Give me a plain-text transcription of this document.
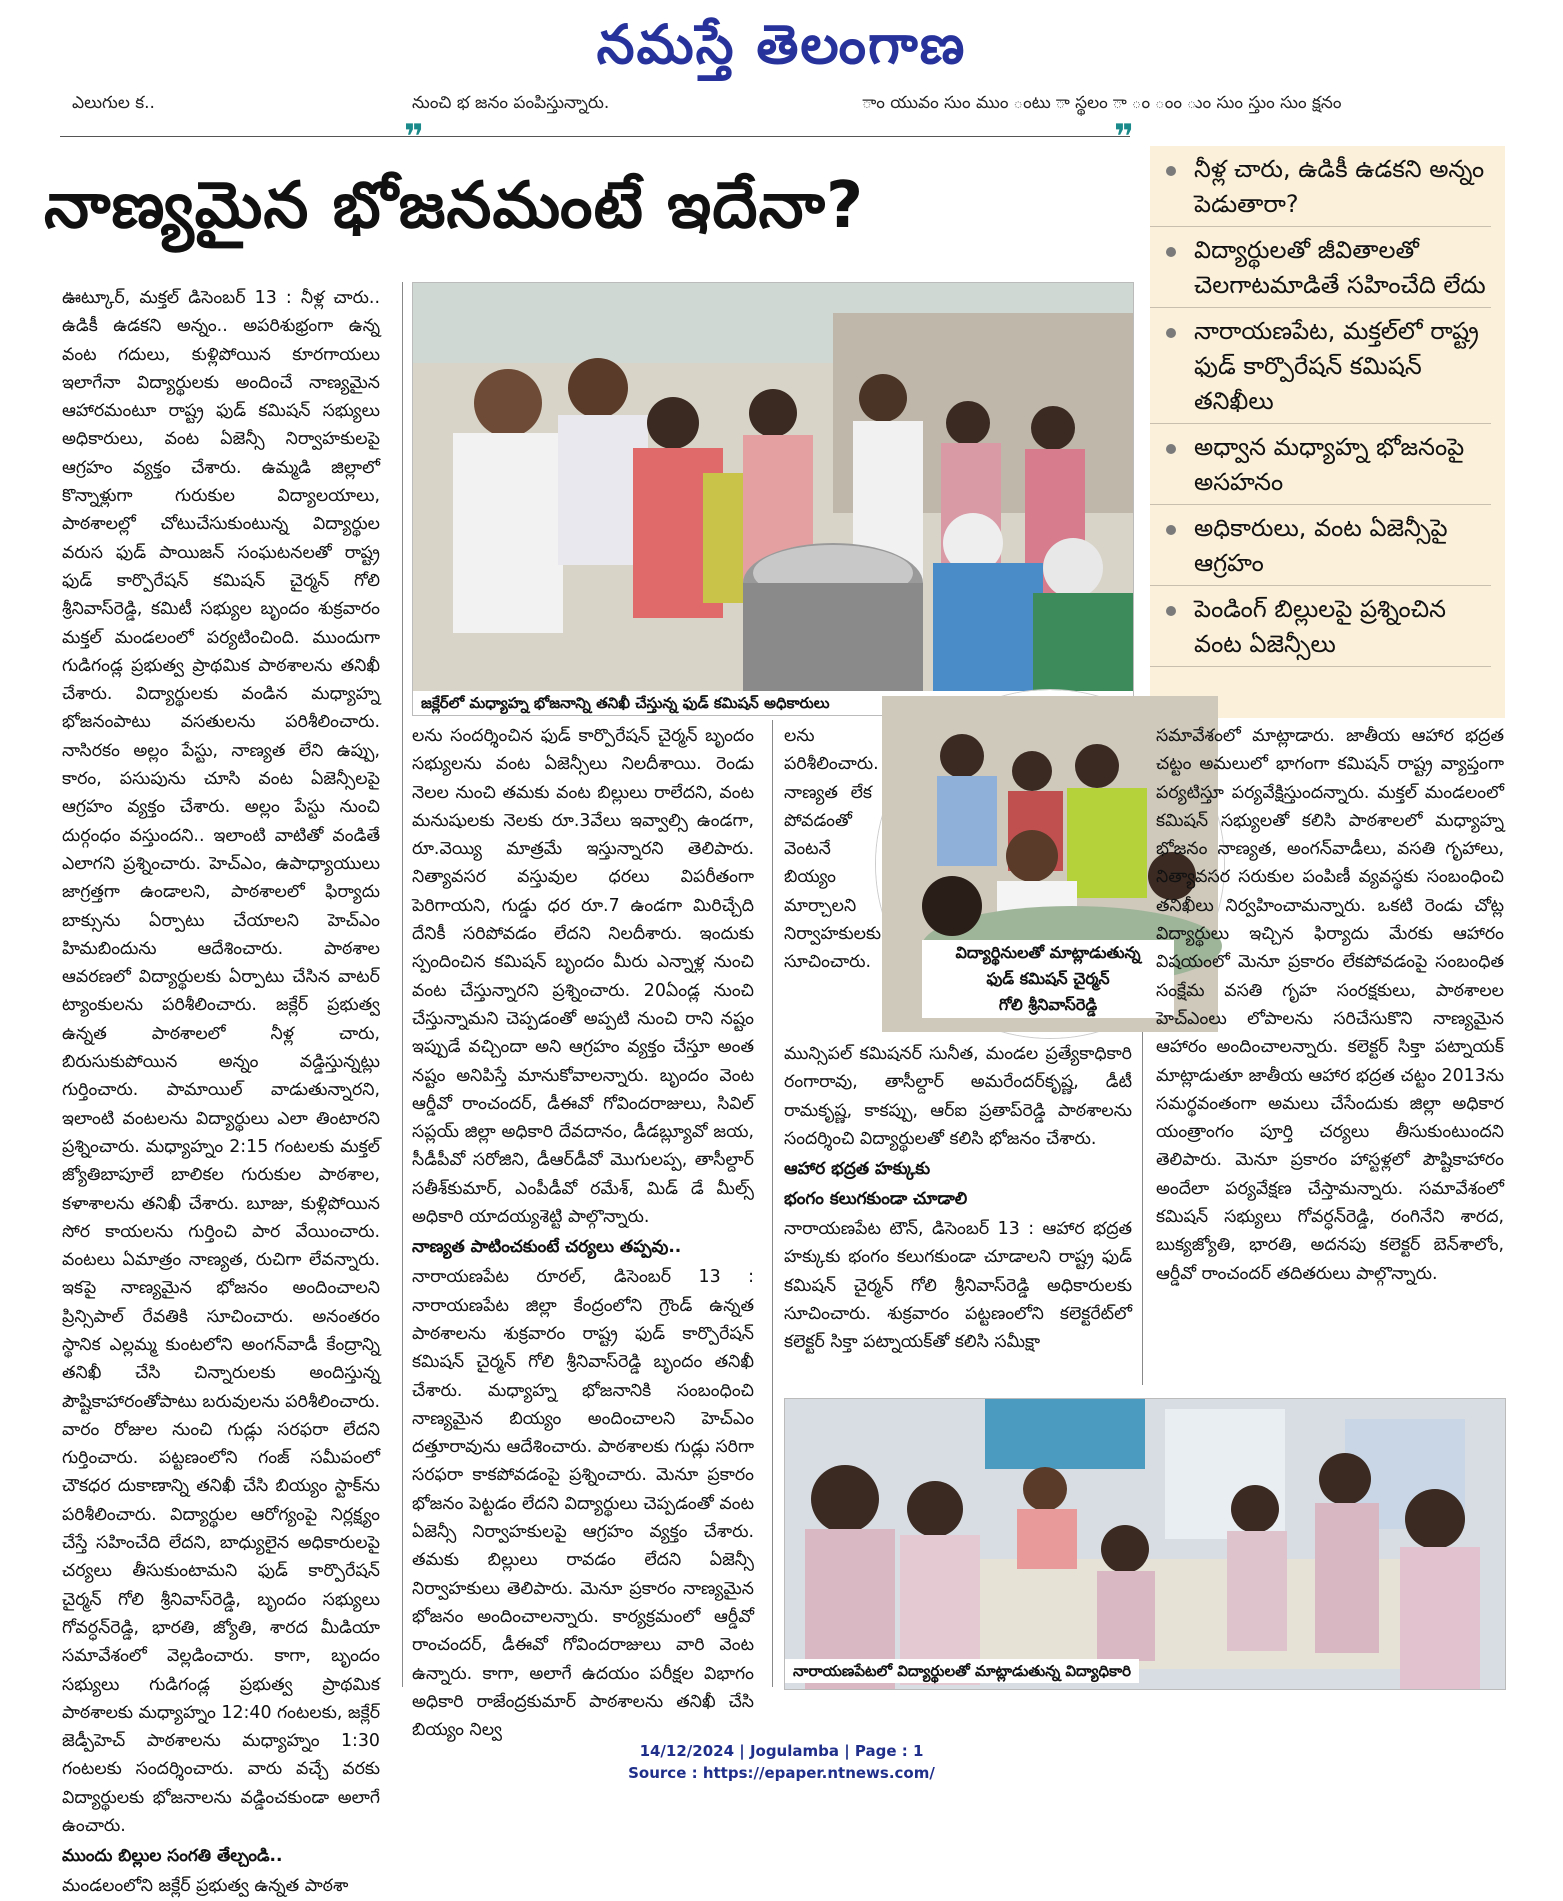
నమస్తే తెలంగాణ
ఎలుగుల క..	నుంచి భ జనం పంపిస్తున్నారు.	ాం యువం సుం ముం ంటు ా స్థలం ా ం ంం ుం సుం స్తుం సుం క్షనం
❞	❞
నాణ్యమైన భోజనమంటే ఇదేనా?	నీళ్ల చారు, ఉడికీ ఉడకని అన్నం పెడుతారా?
విద్యార్థులతో జీవితాలతో చెలగాటమాడితే సహించేది లేదు
నారాయణపేట, మక్తల్‌లో రాష్ట్ర ఫుడ్‌ కార్పొరేషన్‌ కమిషన్‌ తనిఖీలు
అధ్వాన మధ్యాహ్న భోజనంపై అసహనం
అధికారులు, వంట ఏజెన్సీపై ఆగ్రహం
పెండింగ్‌ బిల్లులపై ప్రశ్నించిన వంట ఏజెన్సీలు
జక్లేర్‌లో మధ్యాహ్న భోజనాన్ని తనిఖీ చేస్తున్న ఫుడ్‌ కమిషన్‌ అధికారులు

ఊట్కూర్‌, మక్తల్‌ డిసెంబర్‌ 13 : నీళ్ల చారు.. ఉడికీ ఉడకని అన్నం.. అపరిశుభ్రంగా ఉన్న వంట గదులు, కుళ్లిపోయిన కూరగాయలు ఇలాగేనా విద్యార్థులకు అందించే నాణ్యమైన ఆహారమంటూ రాష్ట్ర ఫుడ్‌ కమిషన్‌ సభ్యులు అధికారులు, వంట ఏజెన్సీ నిర్వాహకులపై ఆగ్రహం వ్యక్తం చేశారు. ఉమ్మడి జిల్లాలో కొన్నాళ్లుగా గురుకుల విద్యాలయాలు, పాఠశాలల్లో చోటుచేసుకుంటున్న విద్యార్థుల వరుస ఫుడ్‌ పాయిజన్‌ సంఘటనలతో రాష్ట్ర ఫుడ్‌ కార్పొరేషన్‌ కమిషన్‌ చైర్మన్‌ గోలి శ్రీనివాస్‌రెడ్డి, కమిటీ సభ్యుల బృందం శుక్రవారం మక్తల్‌ మండలంలో పర్యటించింది. ముందుగా గుడిగండ్ల ప్రభుత్వ ప్రాథమిక పాఠశాలను తనిఖీ చేశారు. విద్యార్థులకు వండిన మధ్యాహ్న భోజనంపాటు వసతులను పరిశీలించారు. నాసిరకం అల్లం పేస్టు, నాణ్యత లేని ఉప్పు, కారం, పసుపును చూసి వంట ఏజెన్సీలపై ఆగ్రహం వ్యక్తం చేశారు. అల్లం పేస్టు నుంచి దుర్గంధం వస్తుందని.. ఇలాంటి వాటితో వండితే ఎలాగని ప్రశ్నించారు. హెచ్‌ఎం, ఉపాధ్యాయులు జాగ్రత్తగా ఉండాలని, పాఠశాలలో ఫిర్యాదు బాక్సును ఏర్పాటు చేయాలని హెచ్‌ఎం హిమబిందును ఆదేశించారు. పాఠశాల ఆవరణలో విద్యార్థులకు ఏర్పాటు చేసిన వాటర్‌ ట్యాంకులను పరిశీలించారు. జక్లేర్‌ ప్రభుత్వ ఉన్నత పాఠశాలలో నీళ్ల చారు, బిరుసుకుపోయిన అన్నం వడ్డిస్తున్నట్లు గుర్తించారు. పామాయిల్‌ వాడుతున్నారని, ఇలాంటి వంటలను విద్యార్థులు ఎలా తింటారని ప్రశ్నించారు. మధ్యాహ్నం 2:15 గంటలకు మక్తల్‌ జ్యోతిబాపూలే బాలికల గురుకుల పాఠశాల, కళాశాలను తనిఖీ చేశారు. బూజు, కుళ్లిపోయిన సోర కాయలను గుర్తించి పార వేయించారు. వంటలు ఏమాత్రం నాణ్యత, రుచిగా లేవన్నారు. ఇకపై నాణ్యమైన భోజనం అందించాలని ప్రిన్సిపాల్‌ రేవతికి సూచించారు. అనంతరం స్థానిక ఎల్లమ్మ కుంటలోని అంగన్‌వాడీ కేంద్రాన్ని తనిఖీ చేసి చిన్నారులకు అందిస్తున్న పౌష్టికాహారంతోపాటు బరువులను పరిశీలించారు. వారం రోజుల నుంచి గుడ్లు సరఫరా లేదని గుర్తించారు. పట్టణంలోని గంజ్‌ సమీపంలో చౌకధర దుకాణాన్ని తనిఖీ చేసి బియ్యం స్టాక్‌ను పరిశీలించారు. విద్యార్థుల ఆరోగ్యంపై నిర్లక్ష్యం చేస్తే సహించేది లేదని, బాధ్యులైన అధికారులపై చర్యలు తీసుకుంటామని ఫుడ్‌ కార్పొరేషన్‌ చైర్మన్‌ గోలి శ్రీనివాస్‌రెడ్డి, బృందం సభ్యులు గోవర్ధన్‌రెడ్డి, భారతి, జ్యోతి, శారద మీడియా సమావేశంలో వెల్లడించారు. కాగా, బృందం సభ్యులు గుడిగండ్ల ప్రభుత్వ ప్రాథమిక పాఠశాలకు మధ్యాహ్నం 12:40 గంటలకు, జక్లేర్‌ జెడ్పీహెచ్‌ పాఠశాలను మధ్యాహ్నం 1:30 గంటలకు సందర్శించారు. వారు వచ్చే వరకు విద్యార్థులకు భోజనాలను వడ్డించకుండా అలాగే ఉంచారు.

ముందు బిల్లుల సంగతి తేల్చండి..

మండలంలోని జక్లేర్‌ ప్రభుత్వ ఉన్నత పాఠశా

లను సందర్శించిన ఫుడ్‌ కార్పొరేషన్‌ చైర్మన్‌ బృందం సభ్యులను వంట ఏజెన్సీలు నిలదీశాయి. రెండు నెలల నుంచి తమకు వంట బిల్లులు రాలేదని, వంట మనుషులకు నెలకు రూ.3వేలు ఇవ్వాల్సి ఉండగా, రూ.వెయ్యి మాత్రమే ఇస్తున్నారని తెలిపారు. నిత్యావసర వస్తువుల ధరలు విపరీతంగా పెరిగాయని, గుడ్డు ధర రూ.7 ఉండగా మిరిచ్చేది దేనికీ సరిపోవడం లేదని నిలదీశారు. ఇందుకు స్పందించిన కమిషన్‌ బృందం మీరు ఎన్నాళ్ల నుంచి వంట చేస్తున్నారని ప్రశ్నించారు. 20ఏండ్ల నుంచి చేస్తున్నామని చెప్పడంతో అప్పటి నుంచి రాని నష్టం ఇప్పుడే వచ్చిందా అని ఆగ్రహం వ్యక్తం చేస్తూ అంత నష్టం అనిపిస్తే మానుకోవాలన్నారు. బృందం వెంట ఆర్డీవో రాంచందర్‌, డీఈవో గోవిందరాజులు, సివిల్‌ సప్లయ్‌ జిల్లా అధికారి దేవదానం, డీడబ్ల్యూవో జయ, సీడీపీవో సరోజిని, డీఆర్‌డీవో మొగులప్ప, తాసీల్దార్‌ సతీశ్‌కుమార్‌, ఎంపీడీవో రమేశ్‌, మిడ్‌ డే మీల్స్‌ అధికారి యాదయ్యశెట్టి పాల్గొన్నారు.

నాణ్యత పాటించకుంటే చర్యలు తప్పవు..

నారాయణపేట రూరల్‌, డిసెంబర్‌ 13 : నారాయణపేట జిల్లా కేంద్రంలోని గ్రౌండ్‌ ఉన్నత పాఠశాలను శుక్రవారం రాష్ట్ర ఫుడ్‌ కార్పొరేషన్‌ కమిషన్‌ చైర్మన్‌ గోలి శ్రీనివాస్‌రెడ్డి బృందం తనిఖీ చేశారు. మధ్యాహ్న భోజనానికి సంబంధించి నాణ్యమైన బియ్యం అందించాలని హెచ్‌ఎం దత్తూరావును ఆదేశించారు. పాఠశాలకు గుడ్లు సరిగా సరఫరా కాకపోవడంపై ప్రశ్నించారు. మెనూ ప్రకారం భోజనం పెట్టడం లేదని విద్యార్థులు చెప్పడంతో వంట ఏజెన్సీ నిర్వాహకులపై ఆగ్రహం వ్యక్తం చేశారు. తమకు బిల్లులు రావడం లేదని ఏజెన్సీ నిర్వాహకులు తెలిపారు. మెనూ ప్రకారం నాణ్యమైన భోజనం అందించాలన్నారు. కార్యక్రమంలో ఆర్డీవో రాంచందర్‌, డీఈవో గోవిందరాజులు వారి వెంట ఉన్నారు. కాగా, అలాగే ఉదయం పరీక్షల విభాగం అధికారి రాజేంద్రకుమార్‌ పాఠశాలను తనిఖీ చేసి బియ్యం నిల్వ

లను పరిశీలించారు. నాణ్యత లేక పోవడంతో వెంటనే బియ్యం మార్చాలని నిర్వాహకులకు సూచించారు.	విద్యార్థినులతో మాట్లాడుతున్న
ఫుడ్‌ కమిషన్‌ చైర్మన్‌
గోలి శ్రీనివాస్‌రెడ్డి

మున్సిపల్‌ కమిషనర్‌ సునీత, మండల ప్రత్యేకాధికారి రంగారావు, తాసీల్దార్‌ అమరేందర్‌కృష్ణ, డీటీ రామకృష్ణ, కాకప్పు, ఆర్‌ఐ ప్రతాప్‌రెడ్డి పాఠశాలను సందర్శించి విద్యార్థులతో కలిసి భోజనం చేశారు.

ఆహార భద్రత హక్కుకు
భంగం కలుగకుండా చూడాలి

నారాయణపేట టౌన్‌, డిసెంబర్‌ 13 : ఆహార భద్రత హక్కుకు భంగం కలుగకుండా చూడాలని రాష్ట్ర ఫుడ్‌ కమిషన్‌ చైర్మన్‌ గోలి శ్రీనివాస్‌రెడ్డి అధికారులకు సూచించారు. శుక్రవారం పట్టణంలోని కలెక్టరేట్‌లో కలెక్టర్‌ సిక్తా పట్నాయక్‌తో కలిసి సమీక్షా

సమావేశంలో మాట్లాడారు. జాతీయ ఆహార భద్రత చట్టం అమలులో భాగంగా కమిషన్‌ రాష్ట్ర వ్యాప్తంగా పర్యటిస్తూ పర్యవేక్షిస్తుందన్నారు. మక్తల్‌ మండలంలో కమిషన్‌ సభ్యులతో కలిసి పాఠశాలలో మధ్యాహ్న భోజనం నాణ్యత, అంగన్‌వాడీలు, వసతి గృహాలు, నిత్యావసర సరుకుల పంపిణీ వ్యవస్థకు సంబంధించి తనిఖీలు నిర్వహించామన్నారు. ఒకటి రెండు చోట్ల విద్యార్థులు ఇచ్చిన ఫిర్యాదు మేరకు ఆహారం విషయంలో మెనూ ప్రకారం లేకపోవడంపై సంబంధిత సంక్షేమ వసతి గృహ సంరక్షకులు, పాఠశాలల హెచ్‌ఎంలు లోపాలను సరిచేసుకొని నాణ్యమైన ఆహారం అందించాలన్నారు. కలెక్టర్‌ సిక్తా పట్నాయక్‌ మాట్లాడుతూ జాతీయ ఆహార భద్రత చట్టం 2013ను సమర్థవంతంగా అమలు చేసేందుకు జిల్లా అధికార యంత్రాంగం పూర్తి చర్యలు తీసుకుంటుందని తెలిపారు. మెనూ ప్రకారం హాస్టళ్లలో పౌష్టికాహారం అందేలా పర్యవేక్షణ చేస్తామన్నారు. సమావేశంలో కమిషన్‌ సభ్యులు గోవర్ధన్‌రెడ్డి, రంగినేని శారద, బుక్యజ్యోతి, భారతి, అదనపు కలెక్టర్‌ బెన్‌శాలోం, ఆర్డీవో రాంచందర్‌ తదితరులు పాల్గొన్నారు.

నారాయణపేటలో విద్యార్థులతో మాట్లాడుతున్న విద్యాధికారి
14/12/2024 | Jogulamba | Page : 1
Source : https://epaper.ntnews.com/
